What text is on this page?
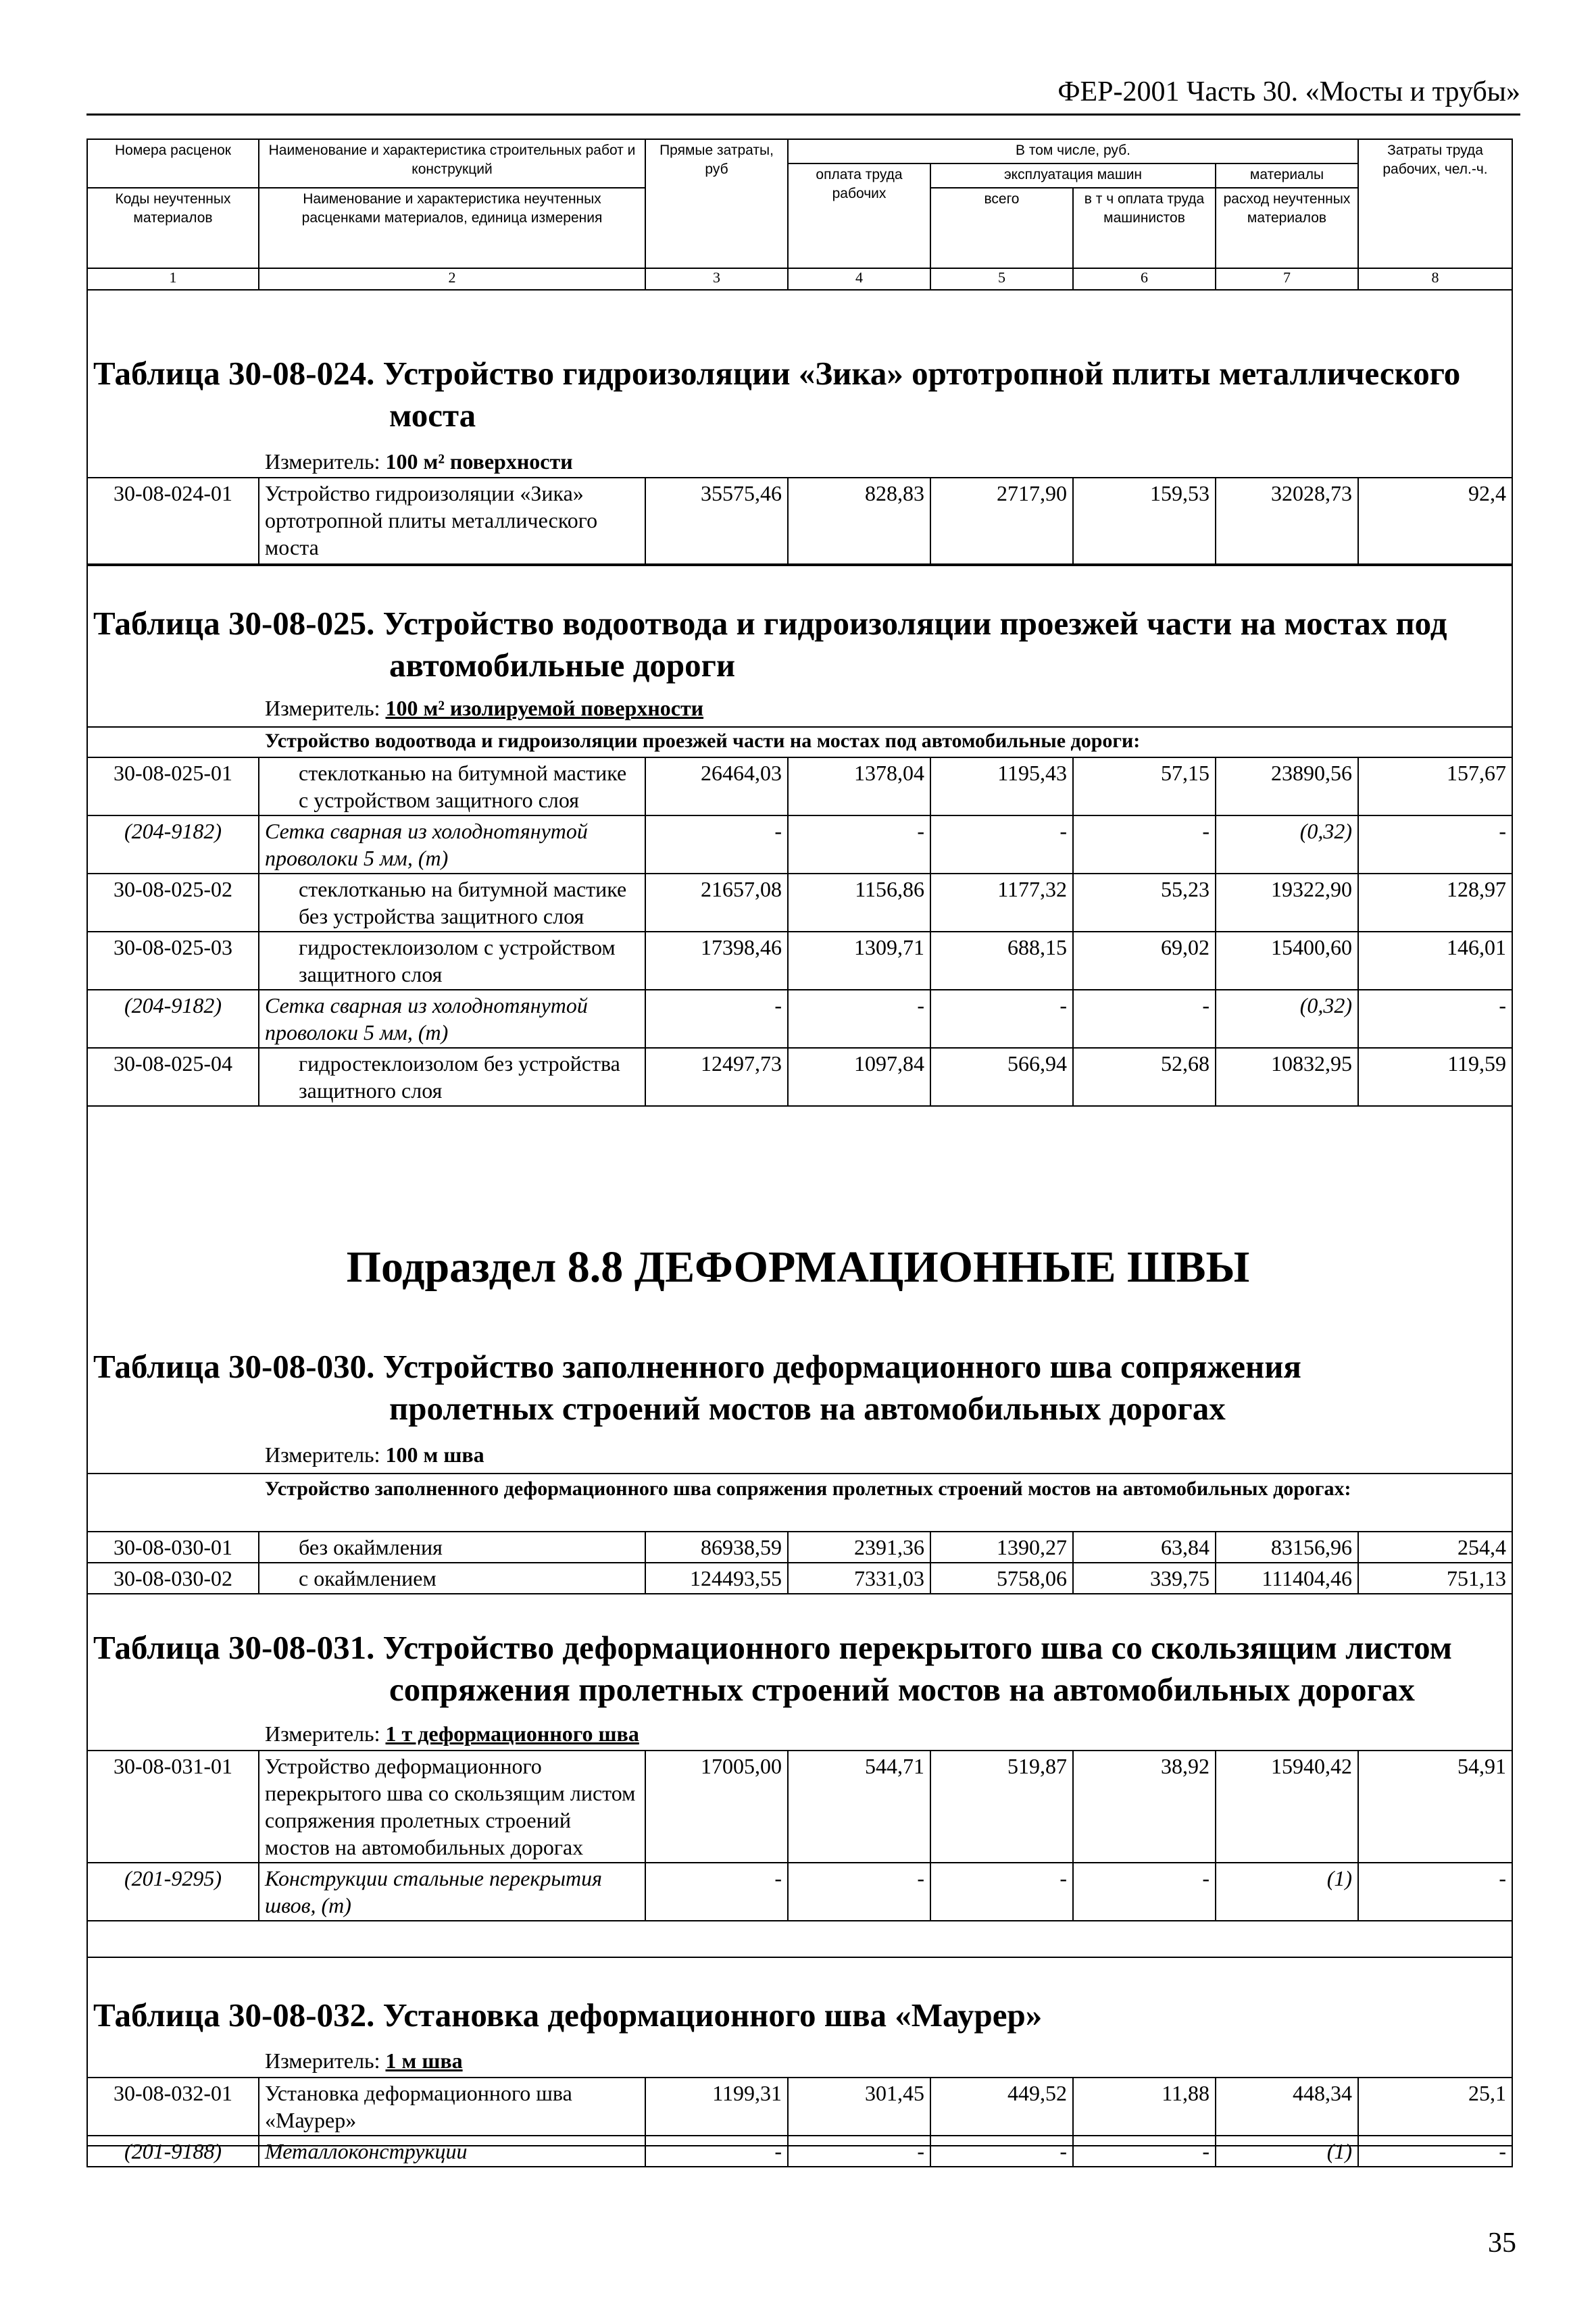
ФЕР-2001 Часть 30. «Мосты и трубы»
Номера расценок	Наименование и характеристика строительных работ и конструкций	Прямые затраты, руб	В том числе, руб.				Затраты труда рабочих, чел.-ч.
			оплата труда рабочих	эксплуатация машин		материалы	
Коды неучтенных материалов	Наименование и характеристика неучтенных расценками материалов, единица измерения			всего	в т ч оплата труда машинистов	расход неучтенных материалов	

1	2	3	4	5	6	7	8
Таблица 30-08-024. Устройство гидроизоляции «Зика» ортотропной плиты металлического
моста
Измеритель: 100 м² поверхности
30-08-024-01	Устройство гидроизоляции «Зика» ортотропной плиты металлического моста	35575,46	828,83	2717,90	159,53	32028,73	92,4
Таблица 30-08-025. Устройство водоотвода и гидроизоляции проезжей части на мостах под
автомобильные дороги
Измеритель: 100 м² изолируемой поверхности
Устройство водоотвода и гидроизоляции проезжей части на мостах под автомобильные дороги:
30-08-025-01	стеклотканью на битумной мастике с устройством защитного слоя	26464,03	1378,04	1195,43	57,15	23890,56	157,67
(204-9182)	Сетка сварная из холоднотянутой проволоки 5 мм, (т)	-	-	-	-	(0,32)	-
30-08-025-02	стеклотканью на битумной мастике без устройства защитного слоя	21657,08	1156,86	1177,32	55,23	19322,90	128,97
30-08-025-03	гидростеклоизолом с устройством защитного слоя	17398,46	1309,71	688,15	69,02	15400,60	146,01
(204-9182)	Сетка сварная из холоднотянутой проволоки 5 мм, (т)	-	-	-	-	(0,32)	-
30-08-025-04	гидростеклоизолом без устройства защитного слоя	12497,73	1097,84	566,94	52,68	10832,95	119,59
Подраздел 8.8 ДЕФОРМАЦИОННЫЕ ШВЫ
Таблица 30-08-030. Устройство заполненного деформационного шва сопряжения
пролетных строений мостов на автомобильных дорогах
Измеритель: 100 м шва
Устройство заполненного деформационного шва сопряжения пролетных строений мостов на автомобильных дорогах:
30-08-030-01	без окаймления	86938,59	2391,36	1390,27	63,84	83156,96	254,4
30-08-030-02	с окаймлением	124493,55	7331,03	5758,06	339,75	111404,46	751,13
Таблица 30-08-031. Устройство деформационного перекрытого шва со скользящим листом
сопряжения пролетных строений мостов на автомобильных дорогах
Измеритель: 1 т деформационного шва
30-08-031-01	Устройство деформационного перекрытого шва со скользящим листом сопряжения пролетных строений мостов на автомобильных дорогах	17005,00	544,71	519,87	38,92	15940,42	54,91
(201-9295)	Конструкции стальные перекрытия швов, (т)	-	-	-	-	(1)	-
Таблица 30-08-032. Установка деформационного шва «Маурер»
Измеритель: 1 м шва
30-08-032-01	Установка деформационного шва «Маурер»	1199,31	301,45	449,52	11,88	448,34	25,1
(201-9188)	Металлоконструкции	-	-	-	-	(1)	-
35
